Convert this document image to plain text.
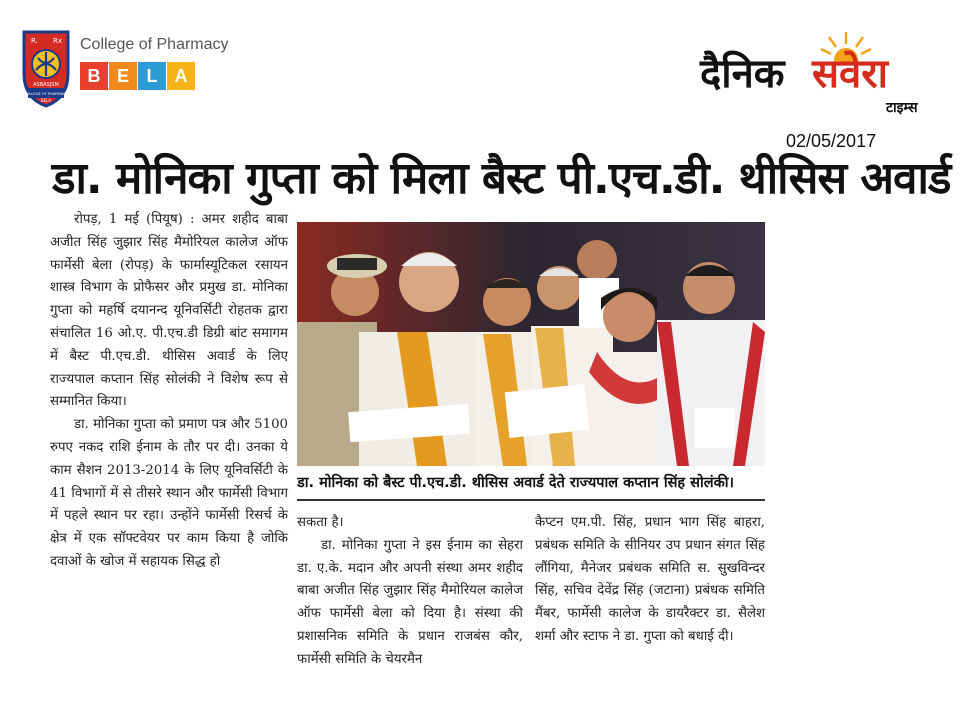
R. Rx
ASBASJSM
COLLEGE OF PHARMACY
BELA
College of Pharmacy
B E L A	दैनिक सवेरा
टाइम्स
02/05/2017
डा. मोनिका गुप्ता को मिला बैस्ट पी.एच.डी. थीसिस अवार्ड

रोपड़, 1 मई (पियूष) : अमर शहीद बाबा अजीत सिंह जुझार सिंह मैमोरियल कालेज ऑफ फार्मेसी बेला (रोपड़) के फार्मास्यूटिकल रसायन शास्त्र विभाग के प्रोफैसर और प्रमुख डा. मोनिका गुप्ता को महर्षि दयानन्द यूनिवर्सिटी रोहतक द्वारा संचालित 16 ओ.ए. पी.एच.डी डिग्री बांट समागम में बैस्ट पी.एच.डी. थीसिस अवार्ड के लिए राज्यपाल कप्तान सिंह सोलंकी ने विशेष रूप से सम्मानित किया।

डा. मोनिका गुप्ता को प्रमाण पत्र और 5100 रुपए नकद राशि ईनाम के तौर पर दी। उनका ये काम सैशन 2013-2014 के लिए यूनिवर्सिटी के 41 विभागों में से तीसरे स्थान और फार्मेसी विभाग में पहले स्थान पर रहा। उन्होंने फार्मेसी रिसर्च के क्षेत्र में एक सॉफ्टवेयर पर काम किया है जोकि दवाओं के खोज में सहायक सिद्ध हो

डा. मोनिका को बैस्ट पी.एच.डी. थीसिस अवार्ड देते राज्यपाल कप्तान सिंह सोलंकी।

सकता है।

डा. मोनिका गुप्ता ने इस ईनाम का सेहरा डा. ए.के. मदान और अपनी संस्था अमर शहीद बाबा अजीत सिंह जुझार सिंह मैमोरियल कालेज ऑफ फार्मेसी बेला को दिया है। संस्था की प्रशासनिक समिति के प्रधान राजबंस कौर, फार्मेसी समिति के चेयरमैन

कैप्टन एम.पी. सिंह, प्रधान भाग सिंह बाहरा, प्रबंधक समिति के सीनियर उप प्रधान संगत सिंह लौंगिया, मैनेजर प्रबंधक समिति स. सुखविन्दर सिंह, सचिव देवेंद्र सिंह (जटाना) प्रबंधक समिति मैंबर, फार्मेसी कालेज के डायरैक्टर डा. सैलेश शर्मा और स्टाफ ने डा. गुप्ता को बधाई दी।
